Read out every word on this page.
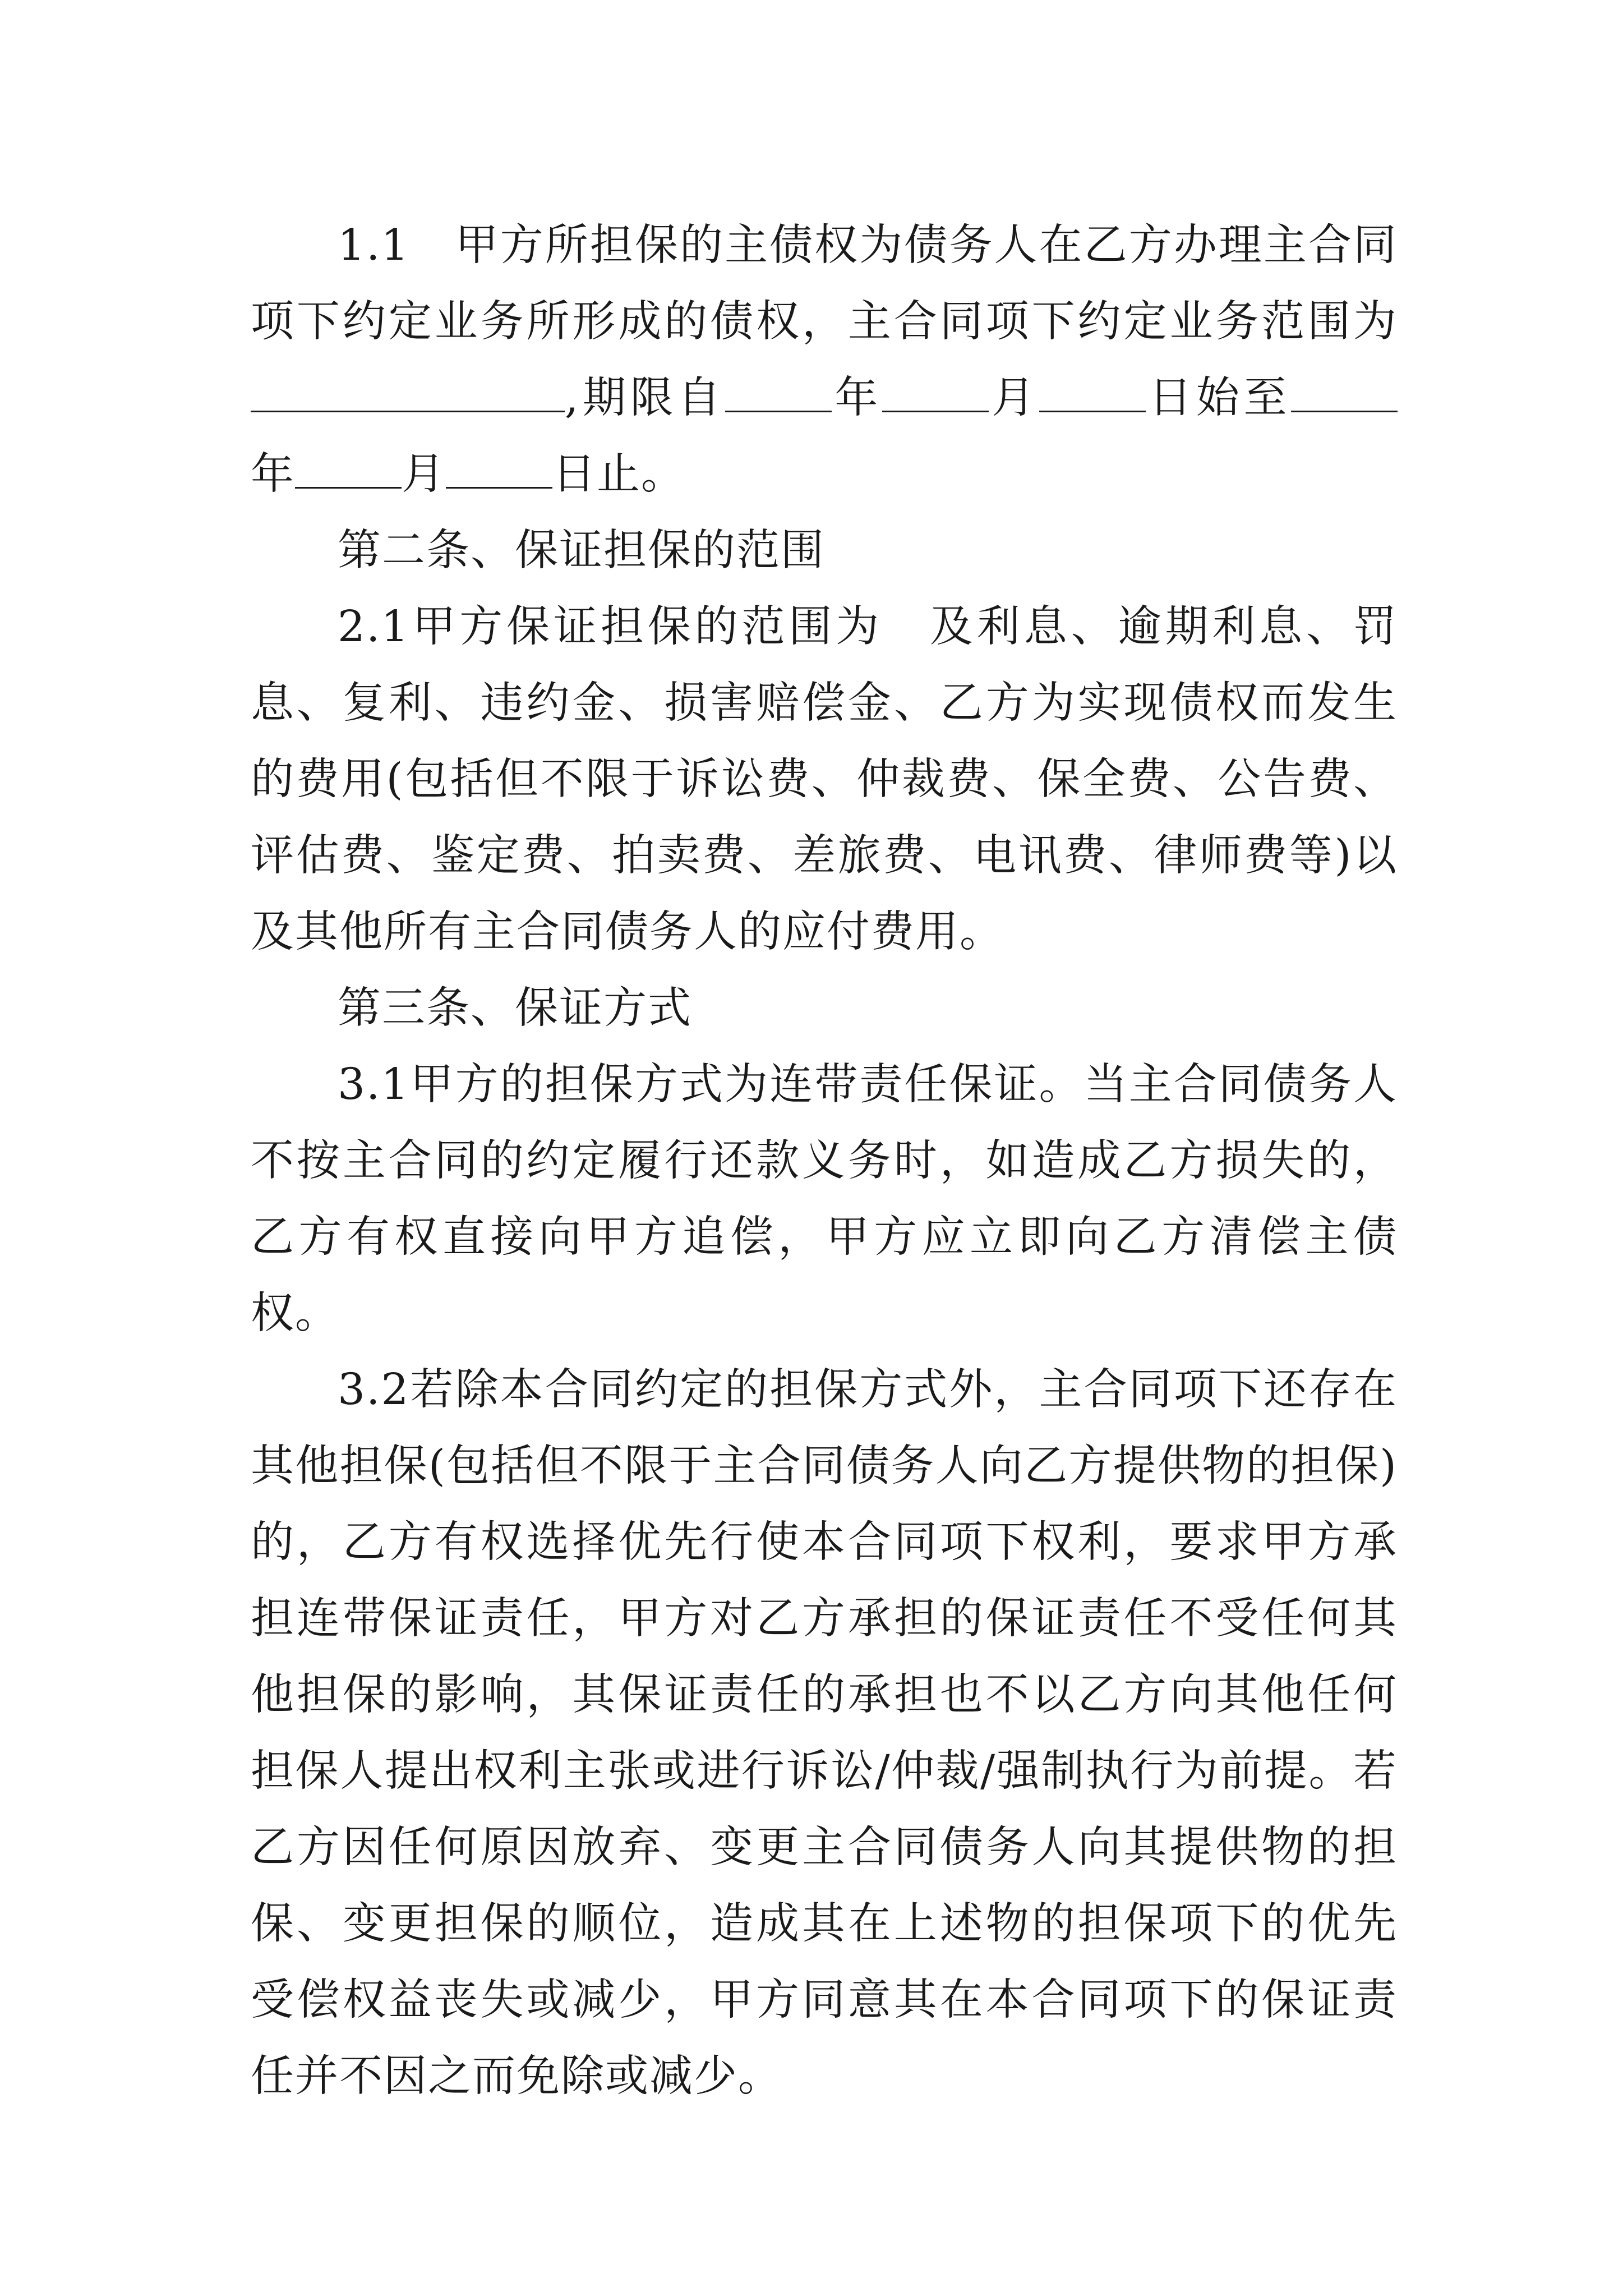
1.1　甲方所担保的主债权为债务人在乙方办理主合同项下约定业务所形成的债权，主合同项下约定业务范围为,期限自 年 月 日始至年 月 日止。

第二条、保证担保的范围

2.1甲方保证担保的范围为　及利息、逾期利息、罚息、复利、违约金、损害赔偿金、乙方为实现债权而发生的费用(包括但不限于诉讼费、仲裁费、保全费、公告费、评估费、鉴定费、拍卖费、差旅费、电讯费、律师费等)以及其他所有主合同债务人的应付费用。

第三条、保证方式

3.1甲方的担保方式为连带责任保证。当主合同债务人不按主合同的约定履行还款义务时，如造成乙方损失的，乙方有权直接向甲方追偿，甲方应立即向乙方清偿主债权。

3.2若除本合同约定的担保方式外，主合同项下还存在其他担保(包括但不限于主合同债务人向乙方提供物的担保)的，乙方有权选择优先行使本合同项下权利，要求甲方承担连带保证责任，甲方对乙方承担的保证责任不受任何其他担保的影响，其保证责任的承担也不以乙方向其他任何担保人提出权利主张或进行诉讼/仲裁/强制执行为前提。若乙方因任何原因放弃、变更主合同债务人向其提供物的担保、变更担保的顺位，造成其在上述物的担保项下的优先受偿权益丧失或减少，甲方同意其在本合同项下的保证责任并不因之而免除或减少。
